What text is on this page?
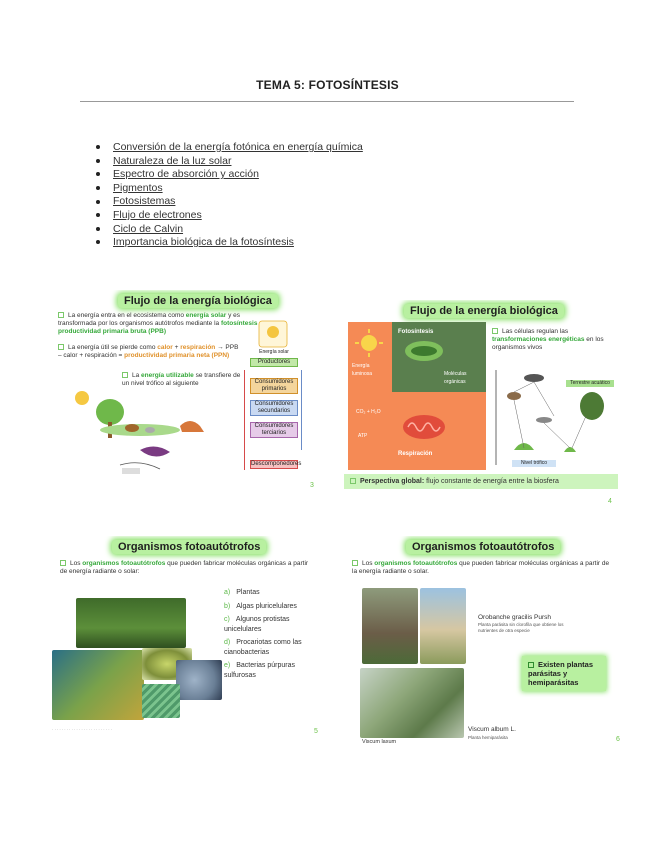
TEMA 5: FOTOSÍNTESIS
Conversión de la energía fotónica en energía química
Naturaleza de la luz solar
Espectro de absorción y acción
Pigmentos
Fotosistemas
Flujo de electrones
Ciclo de Calvin
Importancia biológica de la fotosíntesis
Flujo de la energía biológica
La energía entra en el ecosistema como energía solar y es transformada por los organismos autótrofos mediante la fotosíntesis productividad primaria bruta (PPB)
La energía útil se pierde como calor + respiración → PPB – calor + respiración = productividad primaria neta (PPN)
La energía utilizable se transfiere de un nivel trófico al siguiente
Energía solar
Productores
Consumidores primarios
Consumidores secundarios
Consumidores terciarios
Descomponedores
3
Flujo de la energía biológica
Fotosíntesis
Energía luminosa	Moléculas orgánicas
CO₂ + H₂O
ATP
Respiración
Las células regulan las transformaciones energéticas en los organismos vivos
Terrestre acuático
Nivel trófico
Perspectiva global: flujo constante de energía entre la biosfera
4
Organismos fotoautótrofos
Los organismos fotoautótrofos que pueden fabricar moléculas orgánicas a partir de energía radiante o solar:
· · · · · · · · · · · · · · · · · · · · · · · · ·
a) Plantas
b) Algas pluricelulares
c) Algunos protistas unicelulares
d) Procariotas como las cianobacterias
e) Bacterias púrpuras sulfurosas
5
Organismos fotoautótrofos
Los organismos fotoautótrofos que pueden fabricar moléculas orgánicas a partir de la energía radiante o solar.
Orobanche gracilis Pursh
Planta parásita sin clorofila que obtiene los nutrientes de otra especie
Existen plantas parásitas y hemiparásitas
Viscum laxum
Viscum album L.
Planta hemiparásita	6
